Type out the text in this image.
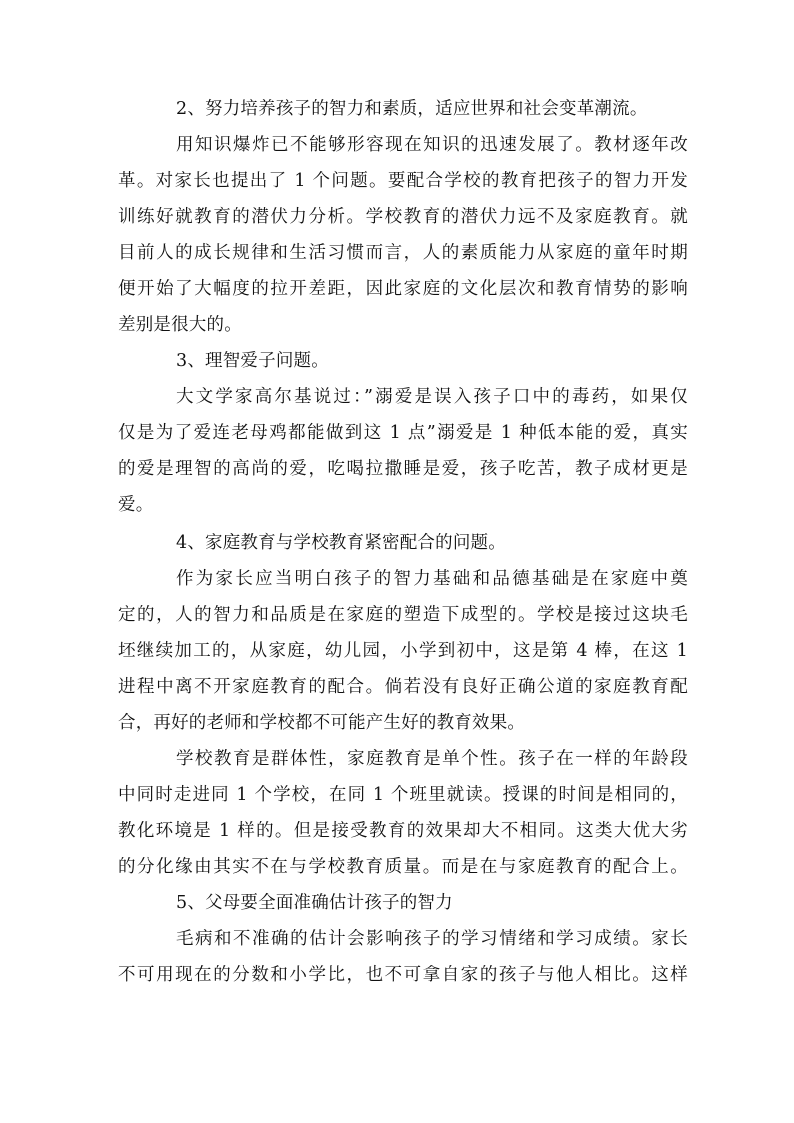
2、努力培养孩子的智力和素质，适应世界和社会变革潮流。
用知识爆炸已不能够形容现在知识的迅速发展了。教材逐年改
革。对家长也提出了 1 个问题。要配合学校的教育把孩子的智力开发
训练好就教育的潜伏力分析。学校教育的潜伏力远不及家庭教育。就
目前人的成长规律和生活习惯而言，人的素质能力从家庭的童年时期
便开始了大幅度的拉开差距，因此家庭的文化层次和教育情势的影响
差别是很大的。
3、理智爱子问题。
大文学家高尔基说过：”溺爱是误入孩子口中的毒药，如果仅
仅是为了爱连老母鸡都能做到这 1 点”溺爱是 1 种低本能的爱，真实
的爱是理智的高尚的爱，吃喝拉撒睡是爱，孩子吃苦，教子成材更是
爱。
4、家庭教育与学校教育紧密配合的问题。
作为家长应当明白孩子的智力基础和品德基础是在家庭中奠
定的，人的智力和品质是在家庭的塑造下成型的。学校是接过这块毛
坯继续加工的，从家庭，幼儿园，小学到初中，这是第 4 棒，在这 1
进程中离不开家庭教育的配合。倘若没有良好正确公道的家庭教育配
合，再好的老师和学校都不可能产生好的教育效果。
学校教育是群体性，家庭教育是单个性。孩子在一样的年龄段
中同时走进同 1 个学校，在同 1 个班里就读。授课的时间是相同的，
教化环境是 1 样的。但是接受教育的效果却大不相同。这类大优大劣
的分化缘由其实不在与学校教育质量。而是在与家庭教育的配合上。
5、父母要全面准确估计孩子的智力
毛病和不准确的估计会影响孩子的学习情绪和学习成绩。家长
不可用现在的分数和小学比，也不可拿自家的孩子与他人相比。这样
